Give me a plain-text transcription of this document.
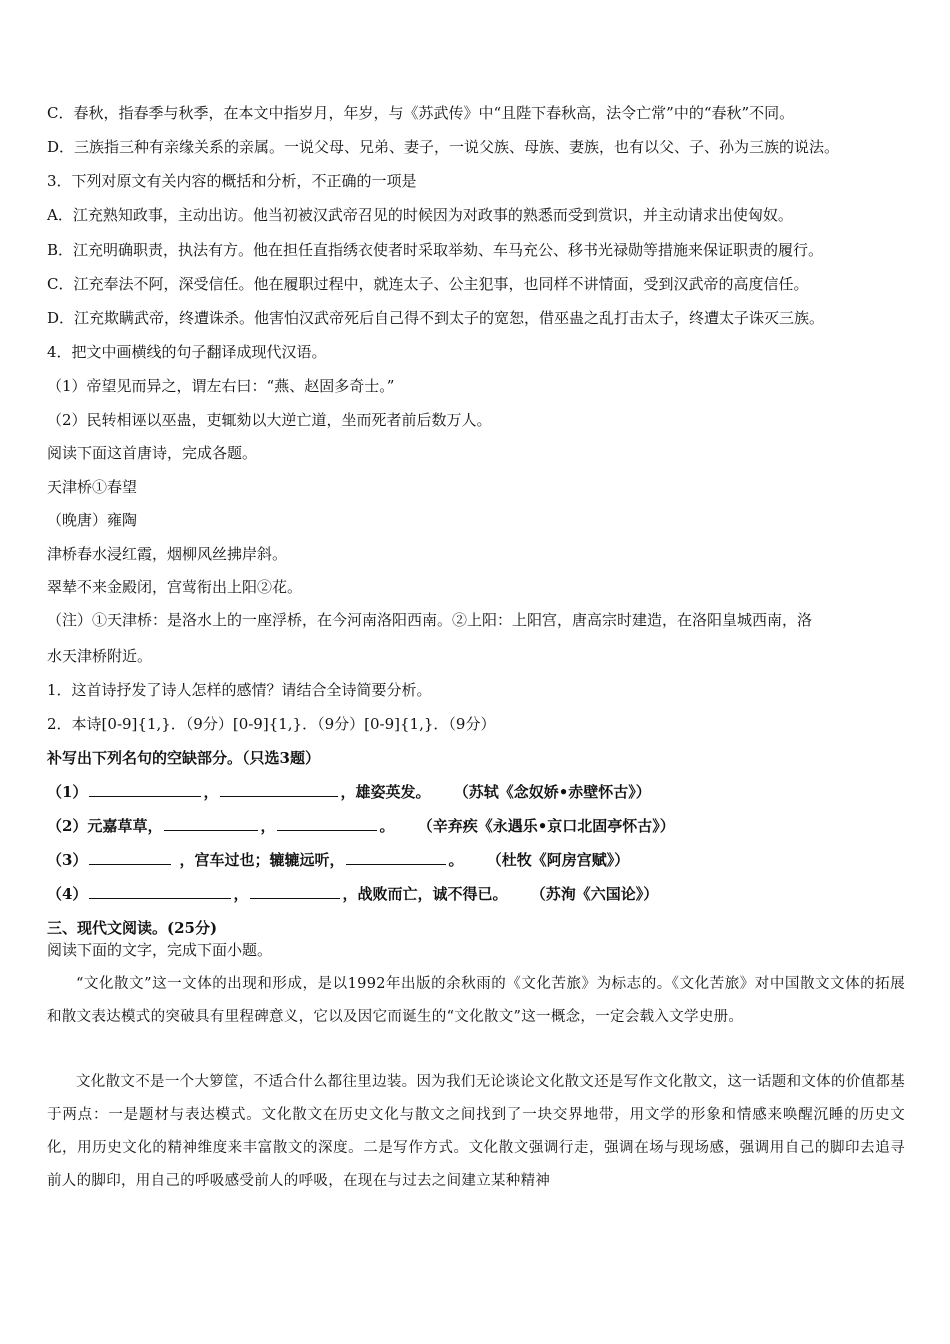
C．春秋，指春季与秋季，在本文中指岁月，年岁，与《苏武传》中“且陛下春秋高，法令亡常”中的“春秋”不同。
D．三族指三种有亲缘关系的亲属。一说父母、兄弟、妻子，一说父族、母族、妻族，也有以父、子、孙为三族的说法。
3．下列对原文有关内容的概括和分析，不正确的一项是
A．江充熟知政事，主动出访。他当初被汉武帝召见的时候因为对政事的熟悉而受到赏识，并主动请求出使匈奴。
B．江充明确职责，执法有方。他在担任直指绣衣使者时采取举劾、车马充公、移书光禄勋等措施来保证职责的履行。
C．江充奉法不阿，深受信任。他在履职过程中，就连太子、公主犯事，也同样不讲情面，受到汉武帝的高度信任。
D．江充欺瞒武帝，终遭诛杀。他害怕汉武帝死后自己得不到太子的宽恕，借巫蛊之乱打击太子，终遭太子诛灭三族。
4．把文中画横线的句子翻译成现代汉语。
（1）帝望见而异之，谓左右曰：“燕、赵固多奇士。”
（2）民转相诬以巫蛊，吏辄劾以大逆亡道，坐而死者前后数万人。
阅读下面这首唐诗，完成各题。
天津桥①春望
（晚唐）雍陶
津桥春水浸红霞，烟柳风丝拂岸斜。
翠辇不来金殿闭，宫莺衔出上阳②花。
（注）①天津桥：是洛水上的一座浮桥，在今河南洛阳西南。②上阳：上阳宫，唐高宗时建造，在洛阳皇城西南，洛
水天津桥附近。
1．这首诗抒发了诗人怎样的感情？请结合全诗简要分析。
2．本诗[0-9]{1,}．（9分）[0-9]{1,}．（9分）[0-9]{1,}．（9分）
补写出下列名句的空缺部分。（只选3题）
（1）	，	，雄姿英发。 （苏轼《念奴娇•赤壁怀古》）
（2）元嘉草草，	，	。 （辛弃疾《永遇乐•京口北固亭怀古》）
（3）	，宫车过也；辘辘远听，	。 （杜牧《阿房宫赋》）
（4）	，	，战败而亡，诚不得已。 （苏洵《六国论》）
三、现代文阅读。(25分)
阅读下面的文字，完成下面小题。
“文化散文”这一文体的出现和形成，是以1992年出版的余秋雨的《文化苦旅》为标志的。《文化苦旅》对中国散文文体的拓展和散文表达模式的突破具有里程碑意义，它以及因它而诞生的“文化散文”这一概念，一定会载入文学史册。
文化散文不是一个大箩筐，不适合什么都往里边装。因为我们无论谈论文化散文还是写作文化散文，这一话题和文体的价值都基于两点：一是题材与表达模式。文化散文在历史文化与散文之间找到了一块交界地带，用文学的形象和情感来唤醒沉睡的历史文化，用历史文化的精神维度来丰富散文的深度。二是写作方式。文化散文强调行走，强调在场与现场感，强调用自己的脚印去追寻前人的脚印，用自己的呼吸感受前人的呼吸，在现在与过去之间建立某种精神
